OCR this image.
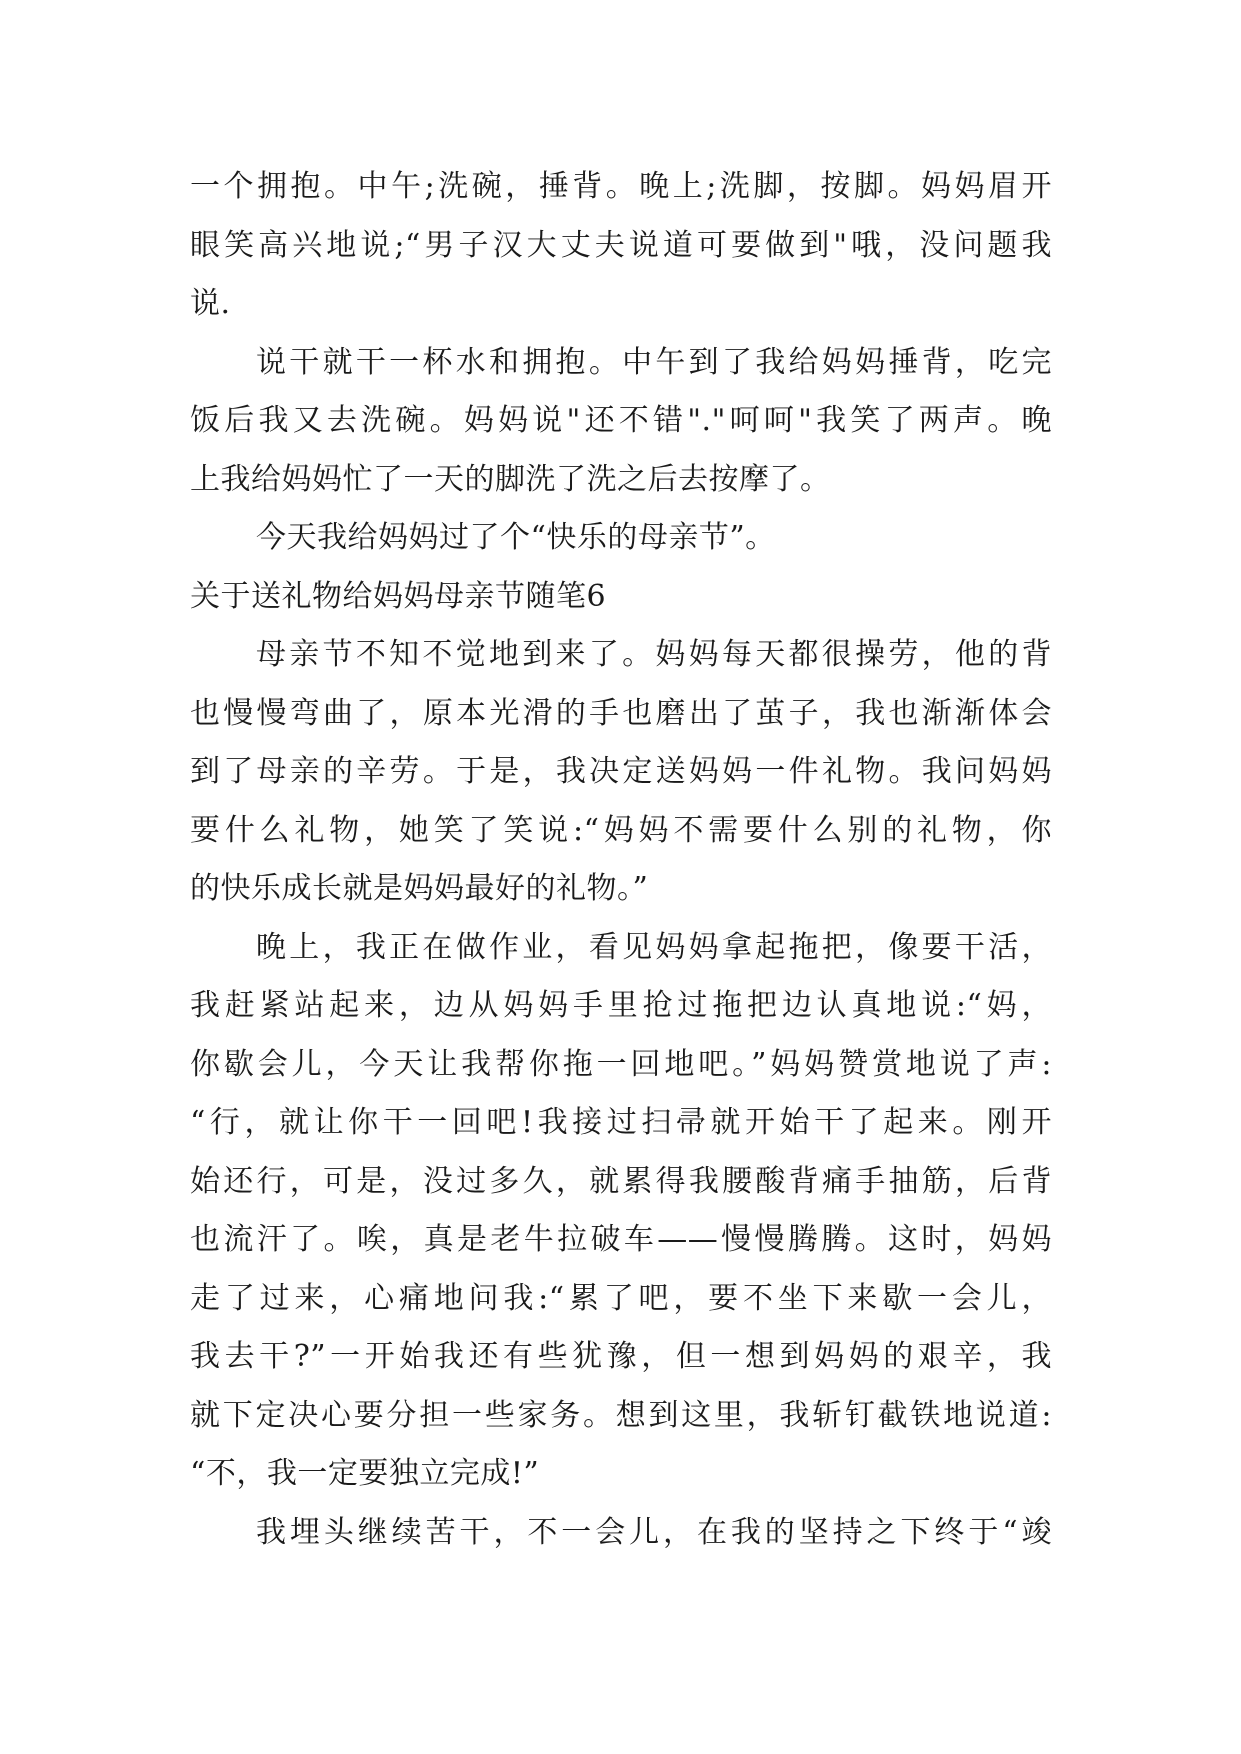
一个拥抱。中午;洗碗，捶背。晚上;洗脚，按脚。妈妈眉开
眼笑高兴地说;“男子汉大丈夫说道可要做到"哦，没问题我
说.
说干就干一杯水和拥抱。中午到了我给妈妈捶背，吃完
饭后我又去洗碗。妈妈说"还不错"."呵呵"我笑了两声。晚
上我给妈妈忙了一天的脚洗了洗之后去按摩了。
今天我给妈妈过了个“快乐的母亲节”。
关于送礼物给妈妈母亲节随笔6
母亲节不知不觉地到来了。妈妈每天都很操劳，他的背
也慢慢弯曲了，原本光滑的手也磨出了茧子，我也渐渐体会
到了母亲的辛劳。于是，我决定送妈妈一件礼物。我问妈妈
要什么礼物，她笑了笑说:“妈妈不需要什么别的礼物，你
的快乐成长就是妈妈最好的礼物。”
晚上，我正在做作业，看见妈妈拿起拖把，像要干活，
我赶紧站起来，边从妈妈手里抢过拖把边认真地说:“妈，
你歇会儿，今天让我帮你拖一回地吧。”妈妈赞赏地说了声:
“行，就让你干一回吧!我接过扫帚就开始干了起来。刚开
始还行，可是，没过多久，就累得我腰酸背痛手抽筋，后背
也流汗了。唉，真是老牛拉破车——慢慢腾腾。这时，妈妈
走了过来，心痛地问我:“累了吧，要不坐下来歇一会儿，
我去干?”一开始我还有些犹豫，但一想到妈妈的艰辛，我
就下定决心要分担一些家务。想到这里，我斩钉截铁地说道:
“不，我一定要独立完成!”
我埋头继续苦干，不一会儿，在我的坚持之下终于“竣
